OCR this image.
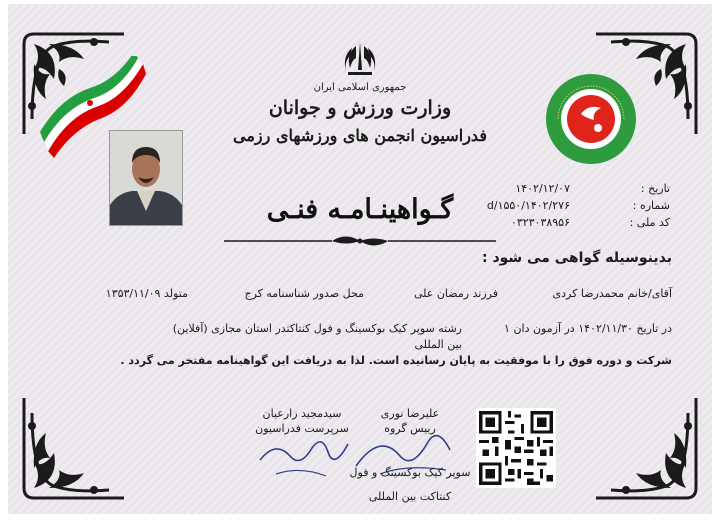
جمهوری اسلامی ایران
وزارت ورزش و جوانان
فدراسیون انجمن های ورزشهای رزمی
گـواهینـامـه فنـی
تاریخ :
۱۴۰۲/۱۲/۰۷
شماره :
۱۴۰۲/۲۷۶/d/۱۵۵۰
کد ملی :
۰۳۲۳۰۳۸۹۵۶
بدینوسیله گواهی می شود :
آقای/خانم محمدرضا کردی
فرزند رمضان علی
محل صدور شناسنامه کرج
متولد ۱۳۵۳/۱۱/۰۹
در تاریخ ۱۴۰۲/۱۱/۳۰ در آزمون دان ۱
رشته سوپر کیک بوکسینگ و فول کنتاکتدر استان مجازی (آفلاین)
بین المللی
شرکت و دوره فوق را با موفقیت به پایان رسانیده است. لذا به دریافت این گواهینامه مفتخر می گردد .
سیدمجید زارعیان
سرپرست فدراسیون
علیرضا نوری
رییس گروه
سوپر کیک بوکسینگ و فول
کنتاکت بین المللی
